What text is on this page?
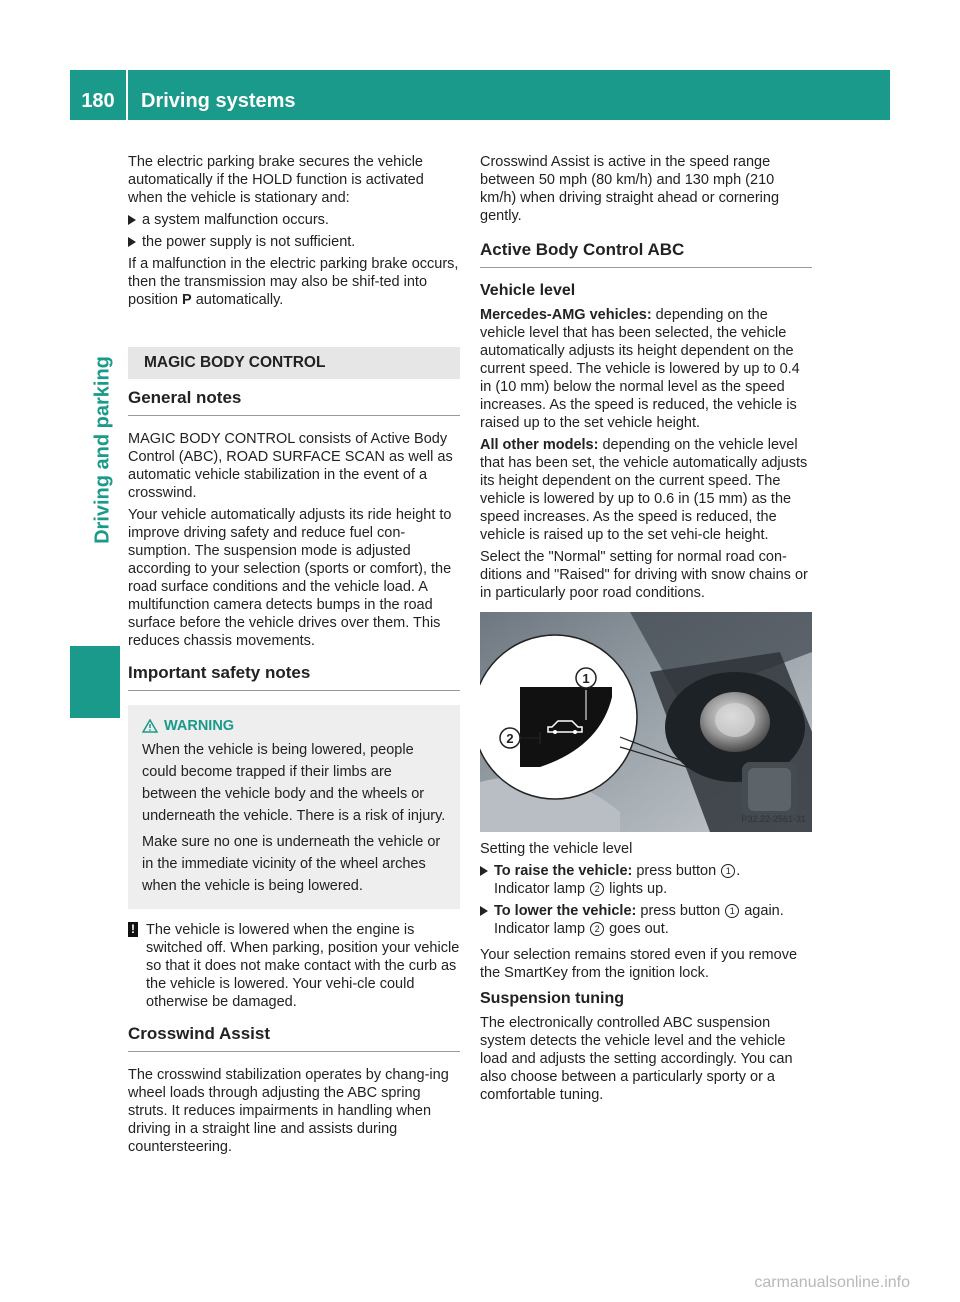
180	Driving systems
Driving and parking

The electric parking brake secures the vehicle automatically if the HOLD function is activated when the vehicle is stationary and:

a system malfunction occurs.
the power supply is not sufficient.

If a malfunction in the electric parking brake occurs, then the transmission may also be shif-ted into position P automatically.

MAGIC BODY CONTROL
General notes

MAGIC BODY CONTROL consists of Active Body Control (ABC), ROAD SURFACE SCAN as well as automatic vehicle stabilization in the event of a crosswind.

Your vehicle automatically adjusts its ride height to improve driving safety and reduce fuel con-sumption. The suspension mode is adjusted according to your selection (sports or comfort), the road surface conditions and the vehicle load. A multifunction camera detects bumps in the road surface before the vehicle drives over them. This reduces chassis movements.

Important safety notes
WARNING

When the vehicle is being lowered, people could become trapped if their limbs are between the vehicle body and the wheels or underneath the vehicle. There is a risk of injury.

Make sure no one is underneath the vehicle or in the immediate vicinity of the wheel arches when the vehicle is being lowered.

! The vehicle is lowered when the engine is switched off. When parking, position your vehicle so that it does not make contact with the curb as the vehicle is lowered. Your vehi-cle could otherwise be damaged.
Crosswind Assist

The crosswind stabilization operates by chang-ing wheel loads through adjusting the ABC spring struts. It reduces impairments in handling when driving in a straight line and assists during countersteering.

Crosswind Assist is active in the speed range between 50 mph (80 km/h) and 130 mph (210 km/h) when driving straight ahead or cornering gently.

Active Body Control ABC
Vehicle level

Mercedes-AMG vehicles: depending on the vehicle level that has been selected, the vehicle automatically adjusts its height dependent on the current speed. The vehicle is lowered by up to 0.4 in (10 mm) below the normal level as the speed increases. As the speed is reduced, the vehicle is raised up to the set vehicle height.

All other models: depending on the vehicle level that has been set, the vehicle automatically adjusts its height dependent on the current speed. The vehicle is lowered by up to 0.6 in (15 mm) as the speed increases. As the speed is reduced, the vehicle is raised up to the set vehi-cle height.

Select the "Normal" setting for normal road con-ditions and "Raised" for driving with snow chains or in particularly poor road conditions.

1
2
P32.22-2561-31

Setting the vehicle level

To raise the vehicle: press button 1 .
Indicator lamp 2 lights up.
To lower the vehicle: press button 1 again.
Indicator lamp 2 goes out.

Your selection remains stored even if you remove the SmartKey from the ignition lock.

Suspension tuning

The electronically controlled ABC suspension system detects the vehicle level and the vehicle load and adjusts the setting accordingly. You can also choose between a particularly sporty or a comfortable tuning.

carmanualsonline.info
